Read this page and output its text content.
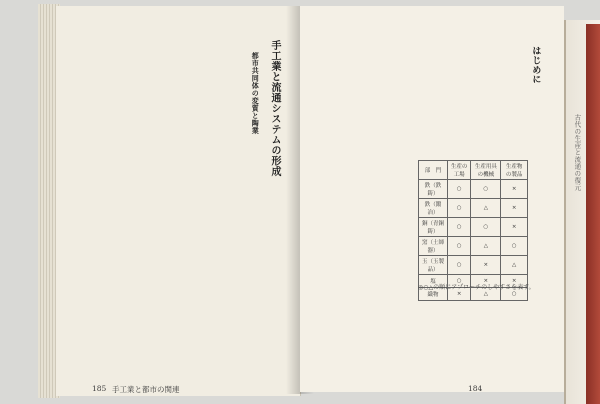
手工業と流通システムの形成
都市共同体の変質と陶業	はじめに
部　門	生産の工場	生産用具の機械	生産物の製品
鉄（鉄鋳）	○	○	×
鉄（鍛冶）	○	△	×
銅（青銅鋳）	○	○	×
窯（土師器）	○	△	○
玉（玉製品）	○	×	△
塩	○	×	×
織物	×	△	○
◎○△の順にアプローチのしやすさを表す。
185 手工業と都市の関連	184
古代の生産と流通の復元
